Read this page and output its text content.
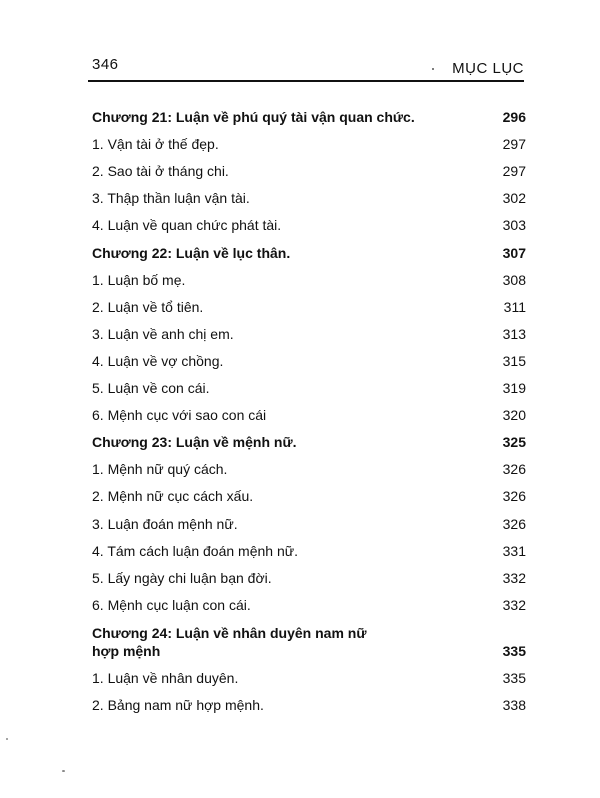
346	MỤC LỤC
Chương 21: Luận về phú quý tài vận quan chức.	296
1. Vận tài ở thế đẹp.	297
2. Sao tài ở tháng chi.	297
3. Thập thần luận vận tài.	302
4. Luận về quan chức phát tài.	303
Chương 22: Luận về lục thân.	307
1. Luận bố mẹ.	308
2. Luận về tổ tiên.	311
3. Luận về anh chị em.	313
4. Luận về vợ chồng.	315
5. Luận về con cái.	319
6. Mệnh cục với sao con cái	320
Chương 23: Luận về mệnh nữ.	325
1. Mệnh nữ quý cách.	326
2. Mệnh nữ cục cách xấu.	326
3. Luận đoán mệnh nữ.	326
4. Tám cách luận đoán mệnh nữ.	331
5. Lấy ngày chi luận bạn đời.	332
6. Mệnh cục luận con cái.	332
Chương 24: Luận về nhân duyên nam nữ
hợp mệnh	335
1. Luận về nhân duyên.	335
2. Bảng nam nữ hợp mệnh.	338
